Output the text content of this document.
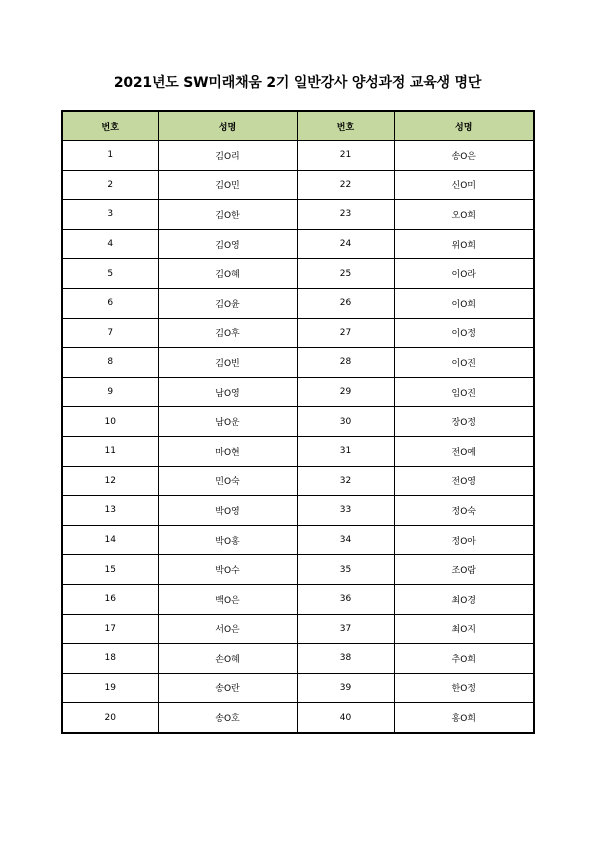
2021년도 SW미래채움 2기 일반강사 양성과정 교육생 명단
번호	성명	번호	성명
1	김O리	21	송O은
2	김O민	22	신O미
3	김O한	23	오O희
4	김O영	24	위O희
5	김O혜	25	이O라
6	김O윤	26	이O희
7	김O후	27	이O정
8	김O빈	28	이O진
9	남O영	29	임O진
10	남O운	30	장O정
11	마O현	31	전O예
12	민O숙	32	전O영
13	박O영	33	정O숙
14	박O홍	34	정O아
15	박O수	35	조O람
16	백O은	36	최O경
17	서O은	37	최O지
18	손O혜	38	추O희
19	송O란	39	한O정
20	송O호	40	홍O희
